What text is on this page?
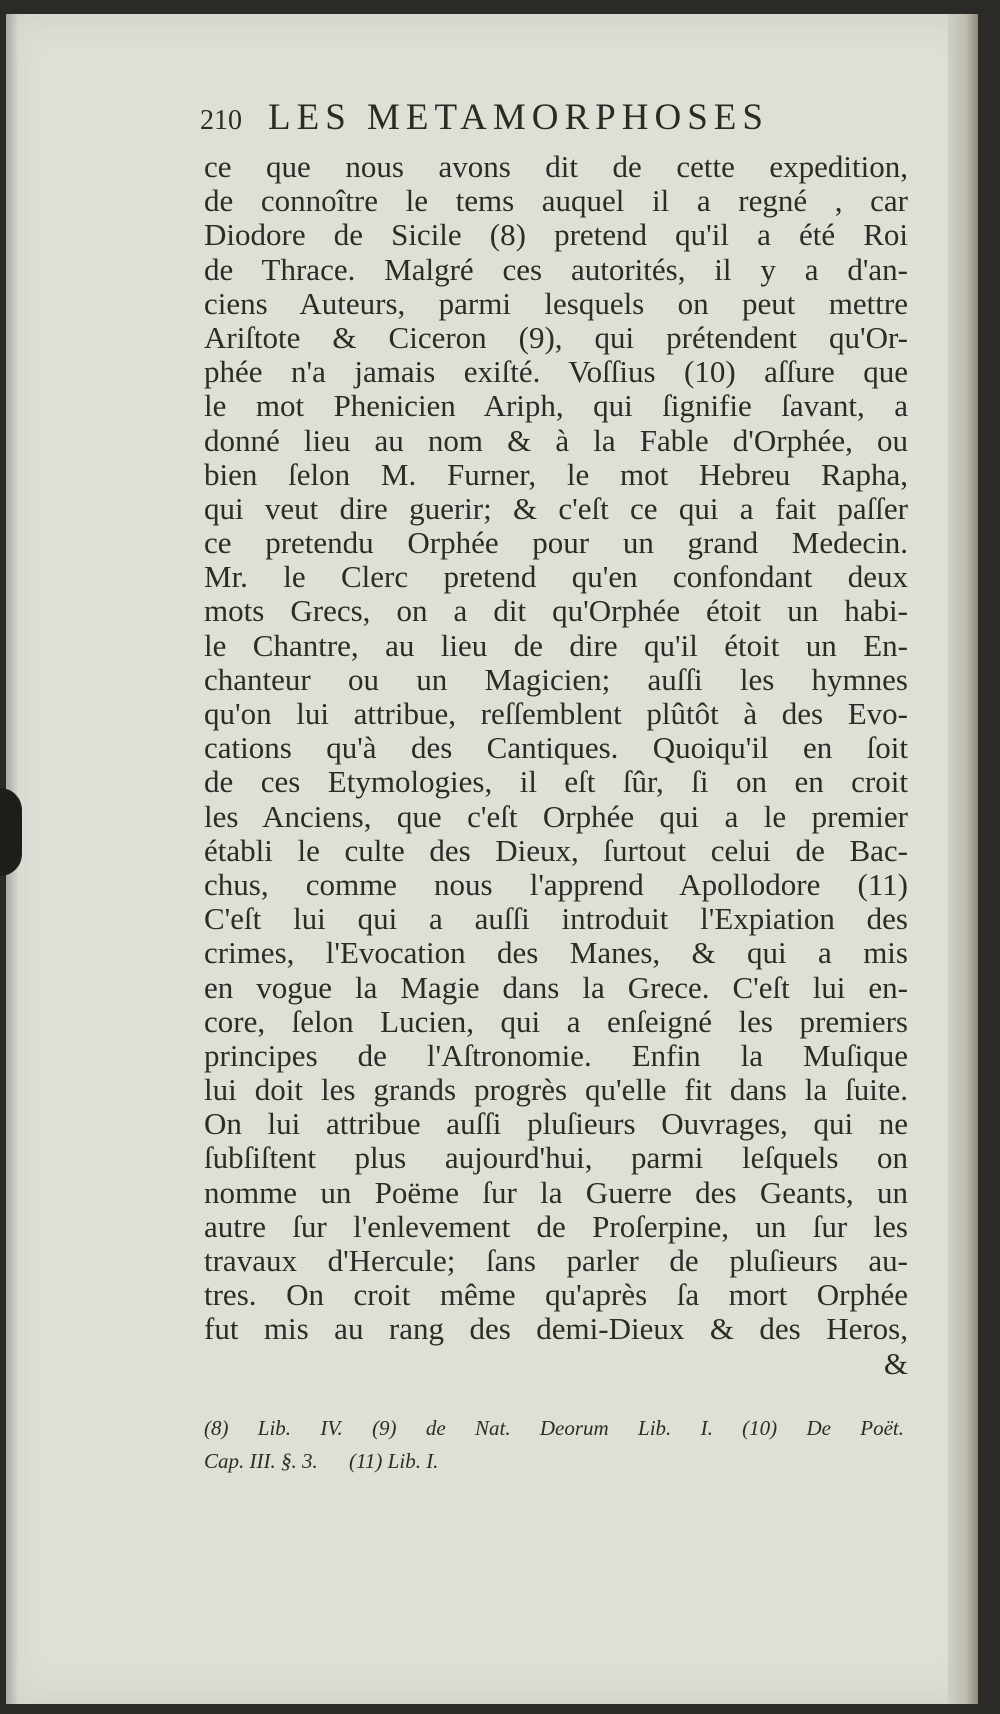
210 LES METAMORPHOSES
ce que nous avons dit de cette expedition,
de connoître le tems auquel il a regné , car
Diodore de Sicile (8) pretend qu'il a été Roi
de Thrace. Malgré ces autorités, il y a d'an-
ciens Auteurs, parmi lesquels on peut mettre
Ariſtote & Ciceron (9), qui prétendent qu'Or-
phée n'a jamais exiſté. Voſſius (10) aſſure que
le mot Phenicien Ariph, qui ſignifie ſavant, a
donné lieu au nom & à la Fable d'Orphée, ou
bien ſelon M. Furner, le mot Hebreu Rapha,
qui veut dire guerir; & c'eſt ce qui a fait paſſer
ce pretendu Orphée pour un grand Medecin.
Mr. le Clerc pretend qu'en confondant deux
mots Grecs, on a dit qu'Orphée étoit un habi-
le Chantre, au lieu de dire qu'il étoit un En-
chanteur ou un Magicien; auſſi les hymnes
qu'on lui attribue, reſſemblent plûtôt à des Evo-
cations qu'à des Cantiques. Quoiqu'il en ſoit
de ces Etymologies, il eſt ſûr, ſi on en croit
les Anciens, que c'eſt Orphée qui a le premier
établi le culte des Dieux, ſurtout celui de Bac-
chus, comme nous l'apprend Apollodore (11)
C'eſt lui qui a auſſi introduit l'Expiation des
crimes, l'Evocation des Manes, & qui a mis
en vogue la Magie dans la Grece. C'eſt lui en-
core, ſelon Lucien, qui a enſeigné les premiers
principes de l'Aſtronomie. Enfin la Muſique
lui doit les grands progrès qu'elle fit dans la ſuite.
On lui attribue auſſi pluſieurs Ouvrages, qui ne
ſubſiſtent plus aujourd'hui, parmi leſquels on
nomme un Poëme ſur la Guerre des Geants, un
autre ſur l'enlevement de Proſerpine, un ſur les
travaux d'Hercule; ſans parler de pluſieurs au-
tres. On croit même qu'après ſa mort Orphée
fut mis au rang des demi-Dieux & des Heros,
&
(8) Lib. IV. (9) de Nat. Deorum Lib. I. (10) De Poët.
Cap. III. §. 3. (11) Lib. I.
